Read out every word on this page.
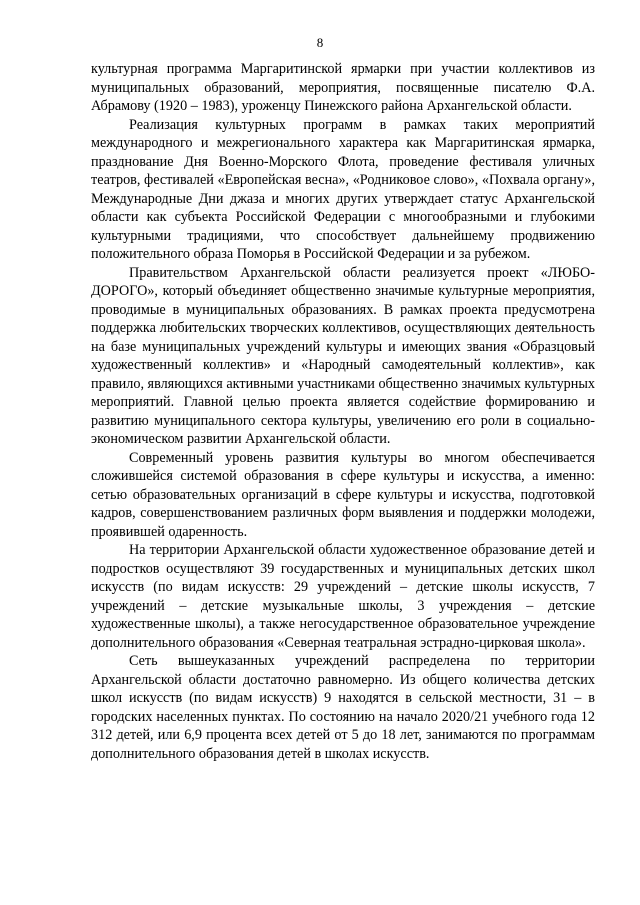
8

культурная программа Маргаритинской ярмарки при участии коллективов из муниципальных образований, мероприятия, посвященные писателю Ф.А. Абрамову (1920 – 1983), уроженцу Пинежского района Архангельской области.

Реализация культурных программ в рамках таких мероприятий международного и межрегионального характера как Маргаритинская ярмарка, празднование Дня Военно-Морского Флота, проведение фестиваля уличных театров, фестивалей «Европейская весна», «Родниковое слово», «Похвала органу», Международные Дни джаза и многих других утверждает статус Архангельской области как субъекта Российской Федерации с многообразными и глубокими культурными традициями, что способствует дальнейшему продвижению положительного образа Поморья в Российской Федерации и за рубежом.

Правительством Архангельской области реализуется проект «ЛЮБО-ДОРОГО», который объединяет общественно значимые культурные мероприятия, проводимые в муниципальных образованиях. В рамках проекта предусмотрена поддержка любительских творческих коллективов, осуществляющих деятельность на базе муниципальных учреждений культуры и имеющих звания «Образцовый художественный коллектив» и «Народный самодеятельный коллектив», как правило, являющихся активными участниками общественно значимых культурных мероприятий. Главной целью проекта является содействие формированию и развитию муниципального сектора культуры, увеличению его роли в социально-экономическом развитии Архангельской области.

Современный уровень развития культуры во многом обеспечивается сложившейся системой образования в сфере культуры и искусства, а именно: сетью образовательных организаций в сфере культуры и искусства, подготовкой кадров, совершенствованием различных форм выявления и поддержки молодежи, проявившей одаренность.

На территории Архангельской области художественное образование детей и подростков осуществляют 39 государственных и муниципальных детских школ искусств (по видам искусств: 29 учреждений – детские школы искусств, 7 учреждений – детские музыкальные школы, 3 учреждения – детские художественные школы), а также негосударственное образовательное учреждение дополнительного образования «Северная театральная эстрадно-цирковая школа».

Сеть вышеуказанных учреждений распределена по территории Архангельской области достаточно равномерно. Из общего количества детских школ искусств (по видам искусств) 9 находятся в сельской местности, 31 – в городских населенных пунктах. По состоянию на начало 2020/21 учебного года 12 312 детей, или 6,9 процента всех детей от 5 до 18 лет, занимаются по программам дополнительного образования детей в школах искусств.
